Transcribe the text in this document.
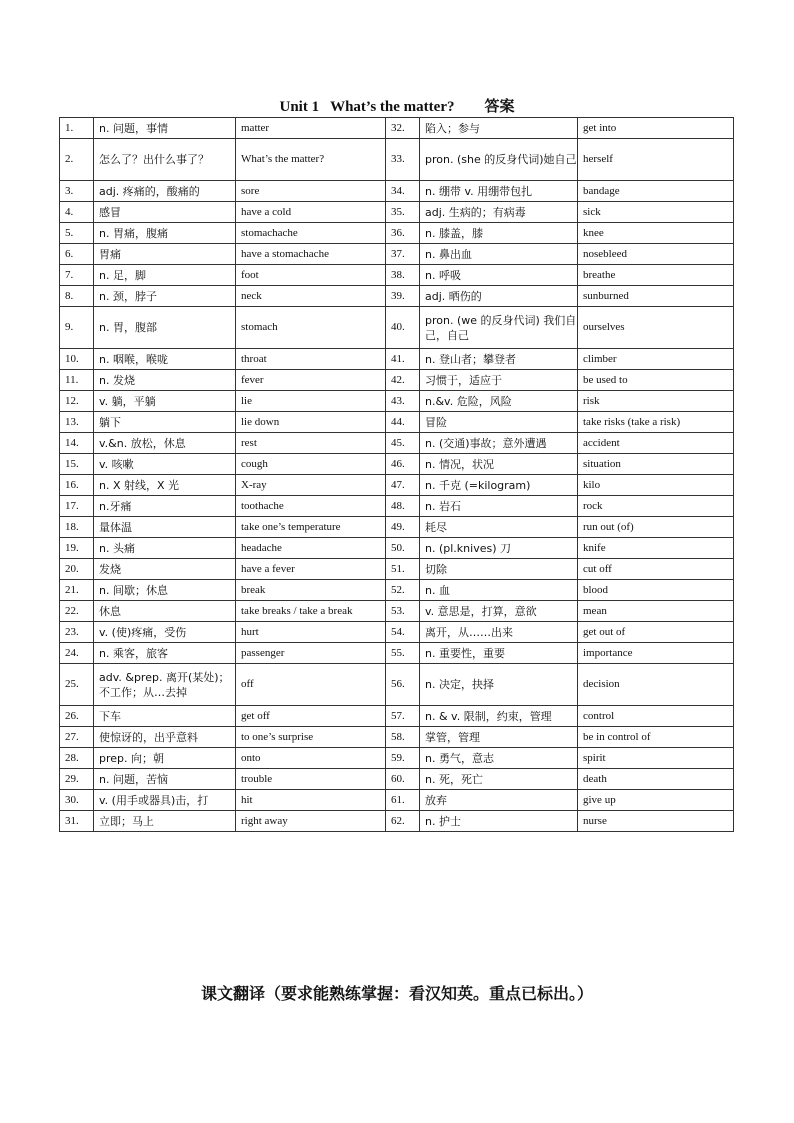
Unit 1   What’s the matter?        答案
1.	n. 问题，事情	matter	32.	陷入；参与	get into
2.	怎么了？出什么事了？	What’s the matter?	33.	pron. (she 的反身代词)她自己	herself
3.	adj. 疼痛的，酸痛的	sore	34.	n. 绷带 v. 用绷带包扎	bandage
4.	感冒	have a cold	35.	adj. 生病的；有病毒	sick
5.	n. 胃痛，腹痛	stomachache	36.	n. 膝盖，膝	knee
6.	胃痛	have a stomachache	37.	n. 鼻出血	nosebleed
7.	n. 足，脚	foot	38.	n. 呼吸	breathe
8.	n. 颈，脖子	neck	39.	adj. 晒伤的	sunburned
9.	n. 胃，腹部	stomach	40.	pron. (we 的反身代词) 我们自己，自己	ourselves
10.	n. 咽喉，喉咙	throat	41.	n. 登山者；攀登者	climber
11.	n. 发烧	fever	42.	习惯于，适应于	be used to
12.	v. 躺，平躺	lie	43.	n.&v. 危险，风险	risk
13.	躺下	lie down	44.	冒险	take risks (take a risk)
14.	v.&n. 放松，休息	rest	45.	n. (交通)事故；意外遭遇	accident
15.	v. 咳嗽	cough	46.	n. 情况，状况	situation
16.	n. X 射线，X 光	X-ray	47.	n. 千克 (=kilogram)	kilo
17.	n.牙痛	toothache	48.	n. 岩石	rock
18.	量体温	take one’s temperature	49.	耗尽	run out (of)
19.	n. 头痛	headache	50.	n. (pl.knives) 刀	knife
20.	发烧	have a fever	51.	切除	cut off
21.	n. 间歇；休息	break	52.	n. 血	blood
22.	休息	take breaks / take a break	53.	v. 意思是，打算，意欲	mean
23.	v. (使)疼痛，受伤	hurt	54.	离开，从……出来	get out of
24.	n. 乘客，旅客	passenger	55.	n. 重要性，重要	importance
25.	adv. &prep. 离开(某处)；不工作；从…去掉	off	56.	n. 决定，抉择	decision
26.	下车	get off	57.	n. & v. 限制，约束，管理	control
27.	使惊讶的，出乎意料	to one’s surprise	58.	掌管，管理	be in control of
28.	prep. 向；朝	onto	59.	n. 勇气，意志	spirit
29.	n. 问题，苦恼	trouble	60.	n. 死，死亡	death
30.	v. (用手或器具)击，打	hit	61.	放弃	give up
31.	立即；马上	right away	62.	n. 护士	nurse
课文翻译（要求能熟练掌握：看汉知英。重点已标出。）
